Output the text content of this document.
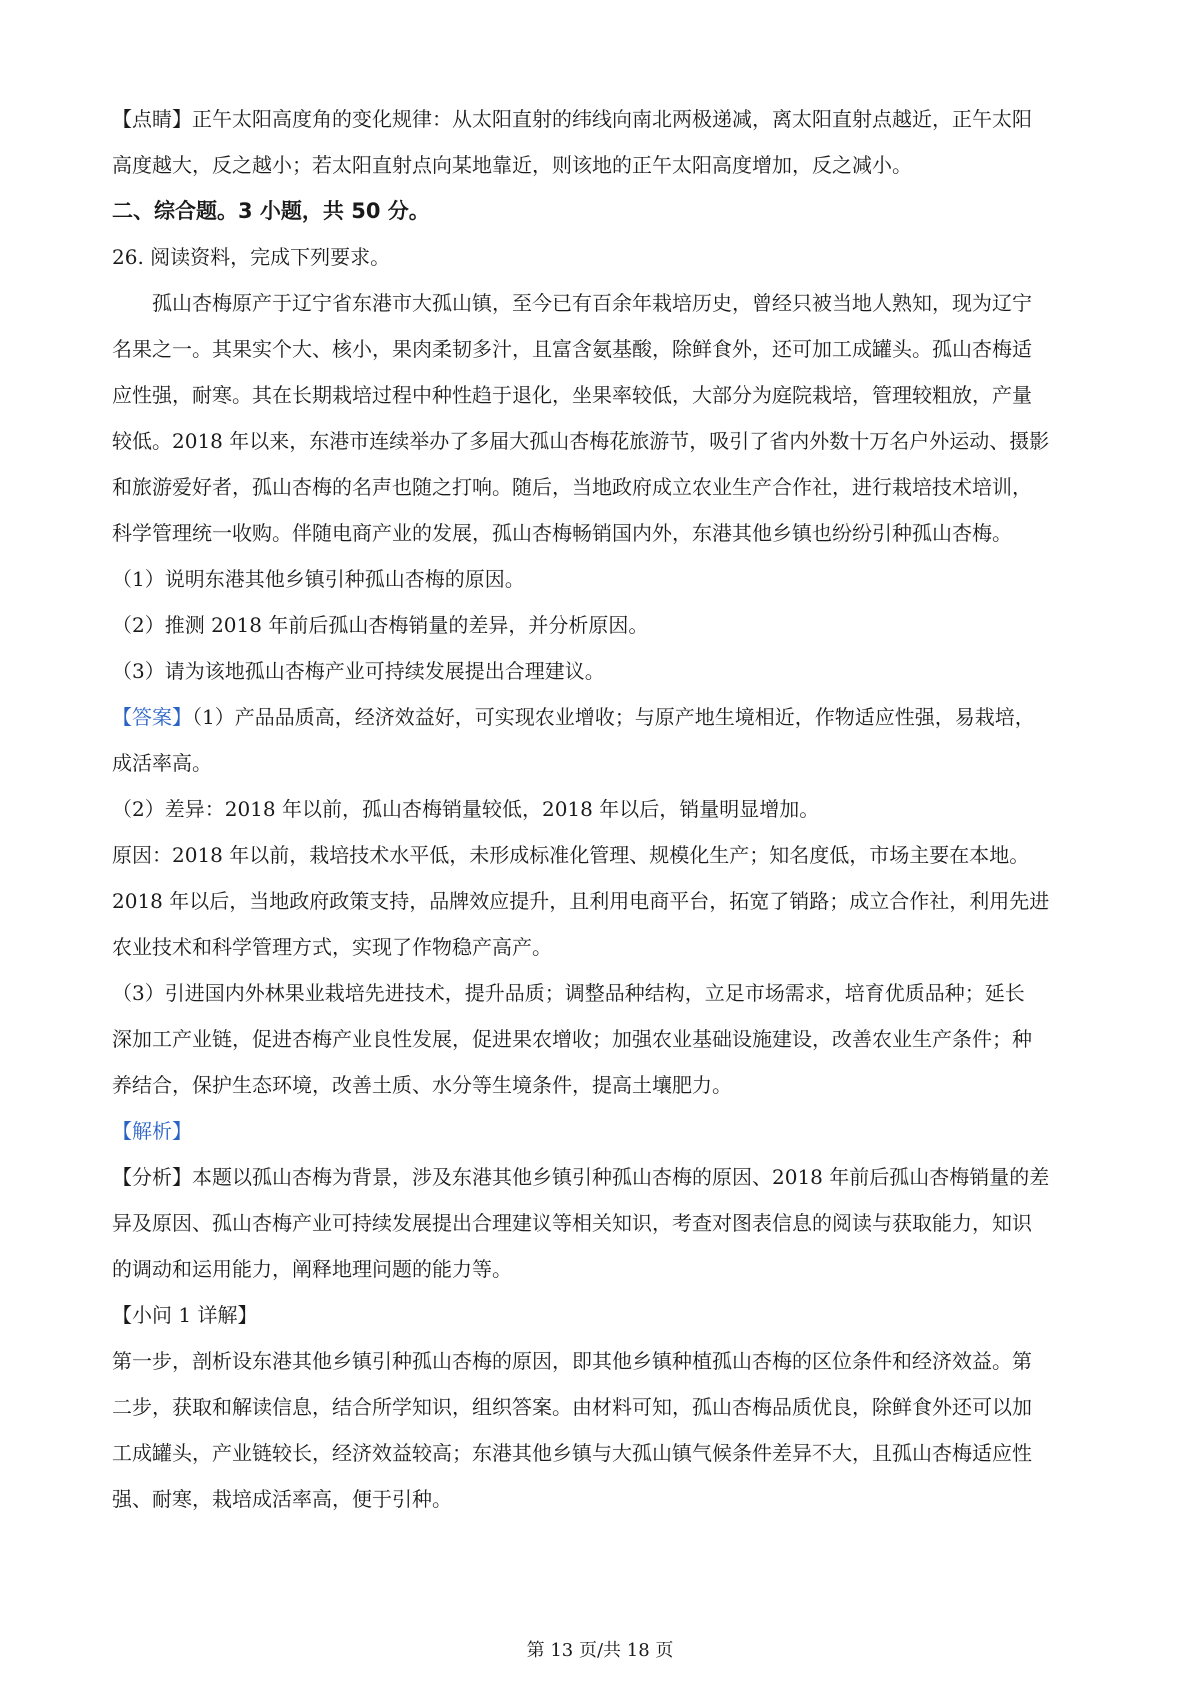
【点睛】正午太阳高度角的变化规律：从太阳直射的纬线向南北两极递减，离太阳直射点越近，正午太阳

高度越大，反之越小；若太阳直射点向某地靠近，则该地的正午太阳高度增加，反之减小。

二、综合题。3 小题，共 50 分。

26. 阅读资料，完成下列要求。

孤山杏梅原产于辽宁省东港市大孤山镇，至今已有百余年栽培历史，曾经只被当地人熟知，现为辽宁

名果之一。其果实个大、核小，果肉柔韧多汁，且富含氨基酸，除鲜食外，还可加工成罐头。孤山杏梅适

应性强，耐寒。其在长期栽培过程中种性趋于退化，坐果率较低，大部分为庭院栽培，管理较粗放，产量

较低。2018 年以来，东港市连续举办了多届大孤山杏梅花旅游节，吸引了省内外数十万名户外运动、摄影

和旅游爱好者，孤山杏梅的名声也随之打响。随后，当地政府成立农业生产合作社，进行栽培技术培训，

科学管理统一收购。伴随电商产业的发展，孤山杏梅畅销国内外，东港其他乡镇也纷纷引种孤山杏梅。

（1）说明东港其他乡镇引种孤山杏梅的原因。

（2）推测 2018 年前后孤山杏梅销量的差异，并分析原因。

（3）请为该地孤山杏梅产业可持续发展提出合理建议。

【答案】（1）产品品质高，经济效益好，可实现农业增收；与原产地生境相近，作物适应性强，易栽培，

成活率高。

（2）差异：2018 年以前，孤山杏梅销量较低，2018 年以后，销量明显增加。

原因：2018 年以前，栽培技术水平低，未形成标准化管理、规模化生产；知名度低，市场主要在本地。

2018 年以后，当地政府政策支持，品牌效应提升，且利用电商平台，拓宽了销路；成立合作社，利用先进

农业技术和科学管理方式，实现了作物稳产高产。

（3）引进国内外林果业栽培先进技术，提升品质；调整品种结构，立足市场需求，培育优质品种；延长

深加工产业链，促进杏梅产业良性发展，促进果农增收；加强农业基础设施建设，改善农业生产条件；种

养结合，保护生态环境，改善土质、水分等生境条件，提高土壤肥力。

【解析】

【分析】本题以孤山杏梅为背景，涉及东港其他乡镇引种孤山杏梅的原因、2018 年前后孤山杏梅销量的差

异及原因、孤山杏梅产业可持续发展提出合理建议等相关知识，考查对图表信息的阅读与获取能力，知识

的调动和运用能力，阐释地理问题的能力等。

【小问 1 详解】

第一步，剖析设东港其他乡镇引种孤山杏梅的原因，即其他乡镇种植孤山杏梅的区位条件和经济效益。第

二步，获取和解读信息，结合所学知识，组织答案。由材料可知，孤山杏梅品质优良，除鲜食外还可以加

工成罐头，产业链较长，经济效益较高；东港其他乡镇与大孤山镇气候条件差异不大，且孤山杏梅适应性

强、耐寒，栽培成活率高，便于引种。

第 13 页/共 18 页
